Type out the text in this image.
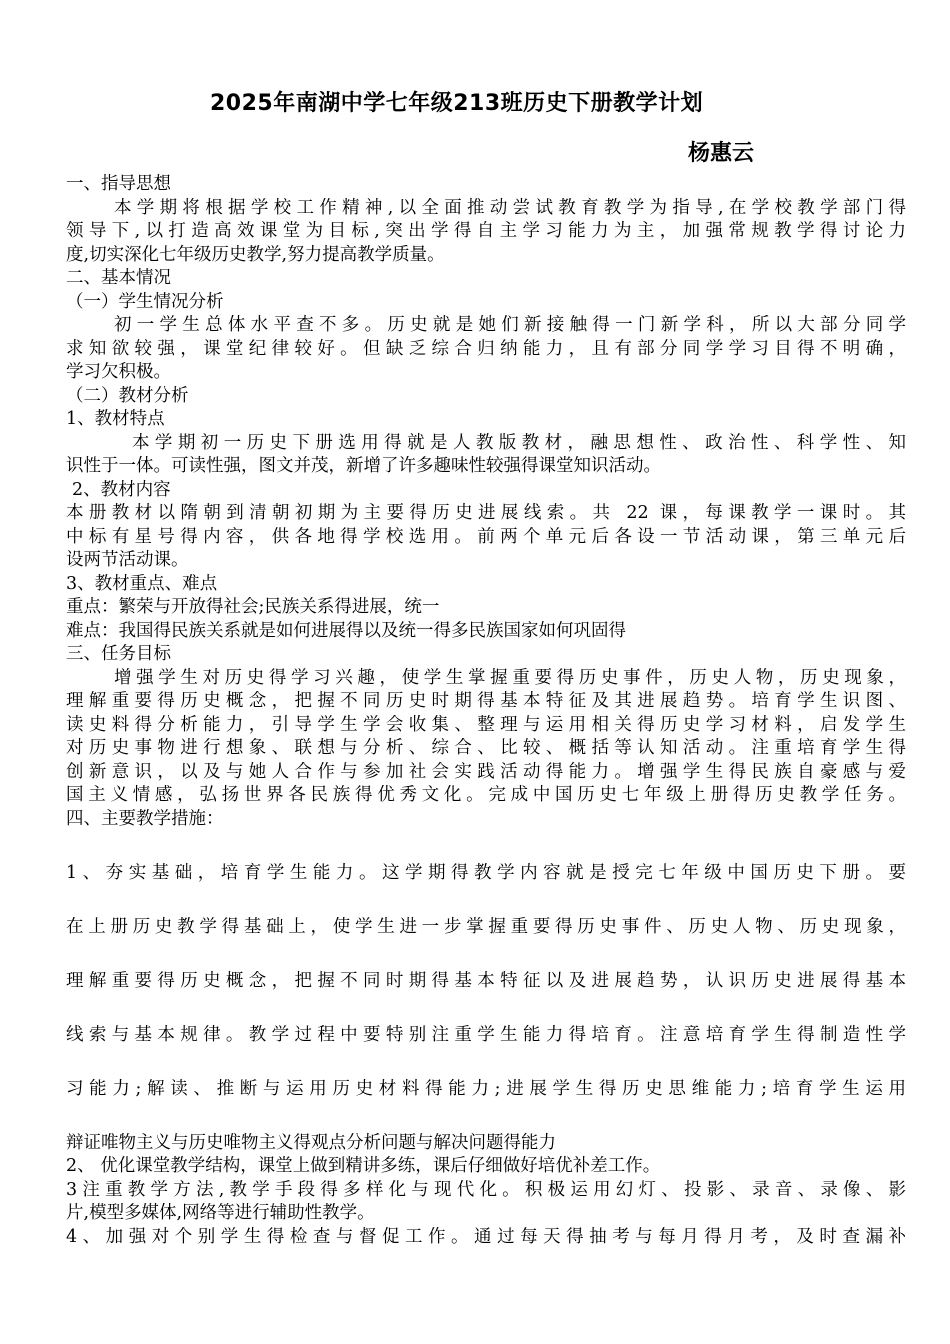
2025年南湖中学七年级213班历史下册教学计划
杨惠云

一、指导思想

本学期将根据学校工作精神,以全面推动尝试教育教学为指导,在学校教学部门得

领导下,以打造高效课堂为目标,突出学得自主学习能力为主，加强常规教学得讨论力

度,切实深化七年级历史教学,努力提高教学质量。

二、基本情况

（一）学生情况分析

初一学生总体水平查不多。历史就是她们新接触得一门新学科，所以大部分同学

求知欲较强，课堂纪律较好。但缺乏综合归纳能力，且有部分同学学习目得不明确，

学习欠积极。

（二）教材分析

1、教材特点

本学期初一历史下册选用得就是人教版教材，融思想性、政治性、科学性、知

识性于一体。可读性强，图文并茂，新增了许多趣味性较强得课堂知识活动。

2、教材内容

本册教材以隋朝到清朝初期为主要得历史进展线索。共 22 课，每课教学一课时。其

中标有星号得内容，供各地得学校选用。前两个单元后各设一节活动课，第三单元后

设两节活动课。

3、教材重点、难点

重点：繁荣与开放得社会;民族关系得进展，统一

难点：我国得民族关系就是如何进展得以及统一得多民族国家如何巩固得

三、任务目标

增强学生对历史得学习兴趣，使学生掌握重要得历史事件，历史人物，历史现象，

理解重要得历史概念，把握不同历史时期得基本特征及其进展趋势。培育学生识图、

读史料得分析能力，引导学生学会收集、整理与运用相关得历史学习材料，启发学生

对历史事物进行想象、联想与分析、综合、比较、概括等认知活动。注重培育学生得

创新意识，以及与她人合作与参加社会实践活动得能力。增强学生得民族自豪感与爱

国主义情感，弘扬世界各民族得优秀文化。完成中国历史七年级上册得历史教学任务。

四、主要教学措施：

1、夯实基础，培育学生能力。这学期得教学内容就是授完七年级中国历史下册。要

在上册历史教学得基础上，使学生进一步掌握重要得历史事件、历史人物、历史现象，

理解重要得历史概念，把握不同时期得基本特征以及进展趋势，认识历史进展得基本

线索与基本规律。教学过程中要特别注重学生能力得培育。注意培育学生得制造性学

习能力;解读、推断与运用历史材料得能力;进展学生得历史思维能力;培育学生运用

辩证唯物主义与历史唯物主义得观点分析问题与解决问题得能力

2、 优化课堂教学结构，课堂上做到精讲多练，课后仔细做好培优补差工作。

3注重教学方法,教学手段得多样化与现代化。积极运用幻灯、投影、录音、录像、影

片,模型多媒体,网络等进行辅助性教学。

4、加强对个别学生得检查与督促工作。通过每天得抽考与每月得月考，及时查漏补
